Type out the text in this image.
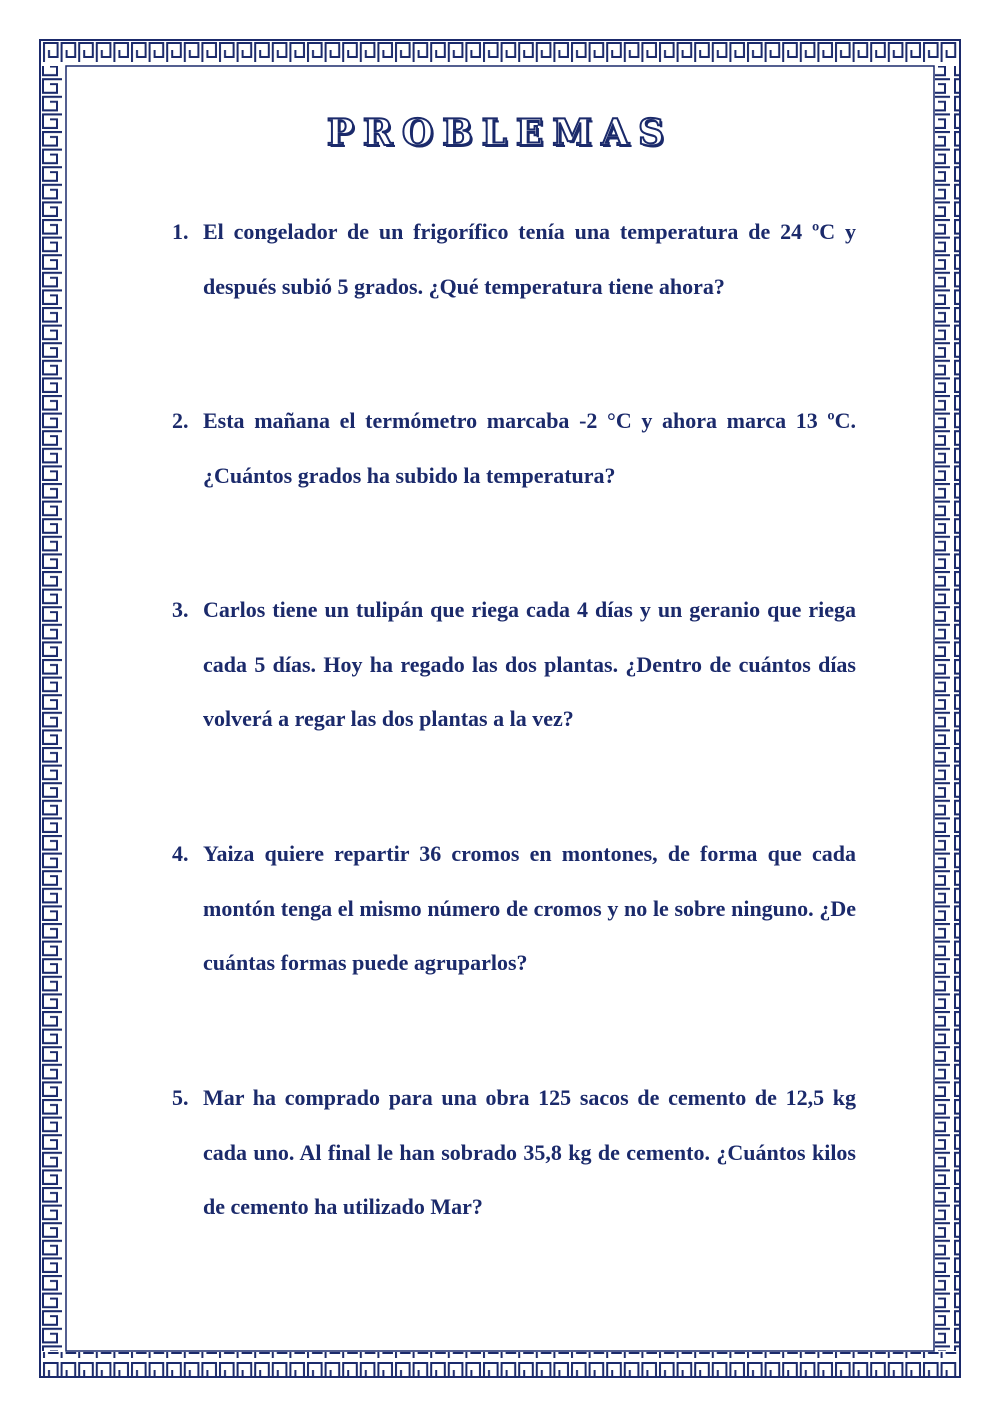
PROBLEMAS
1. El congelador de un frigorífico tenía una temperatura de 24 ºC y después subió 5 grados. ¿Qué temperatura tiene ahora?
2. Esta mañana el termómetro marcaba -2 °C y ahora marca 13 ºC. ¿Cuántos grados ha subido la temperatura?
3. Carlos tiene un tulipán que riega cada 4 días y un geranio que riega cada 5 días. Hoy ha regado las dos plantas. ¿Dentro de cuántos días volverá a regar las dos plantas a la vez?
4. Yaiza quiere repartir 36 cromos en montones, de forma que cada montón tenga el mismo número de cromos y no le sobre ninguno. ¿De cuántas formas puede agruparlos?
5. Mar ha comprado para una obra 125 sacos de cemento de 12,5 kg cada uno. Al final le han sobrado 35,8 kg de cemento. ¿Cuántos kilos de cemento ha utilizado Mar?
